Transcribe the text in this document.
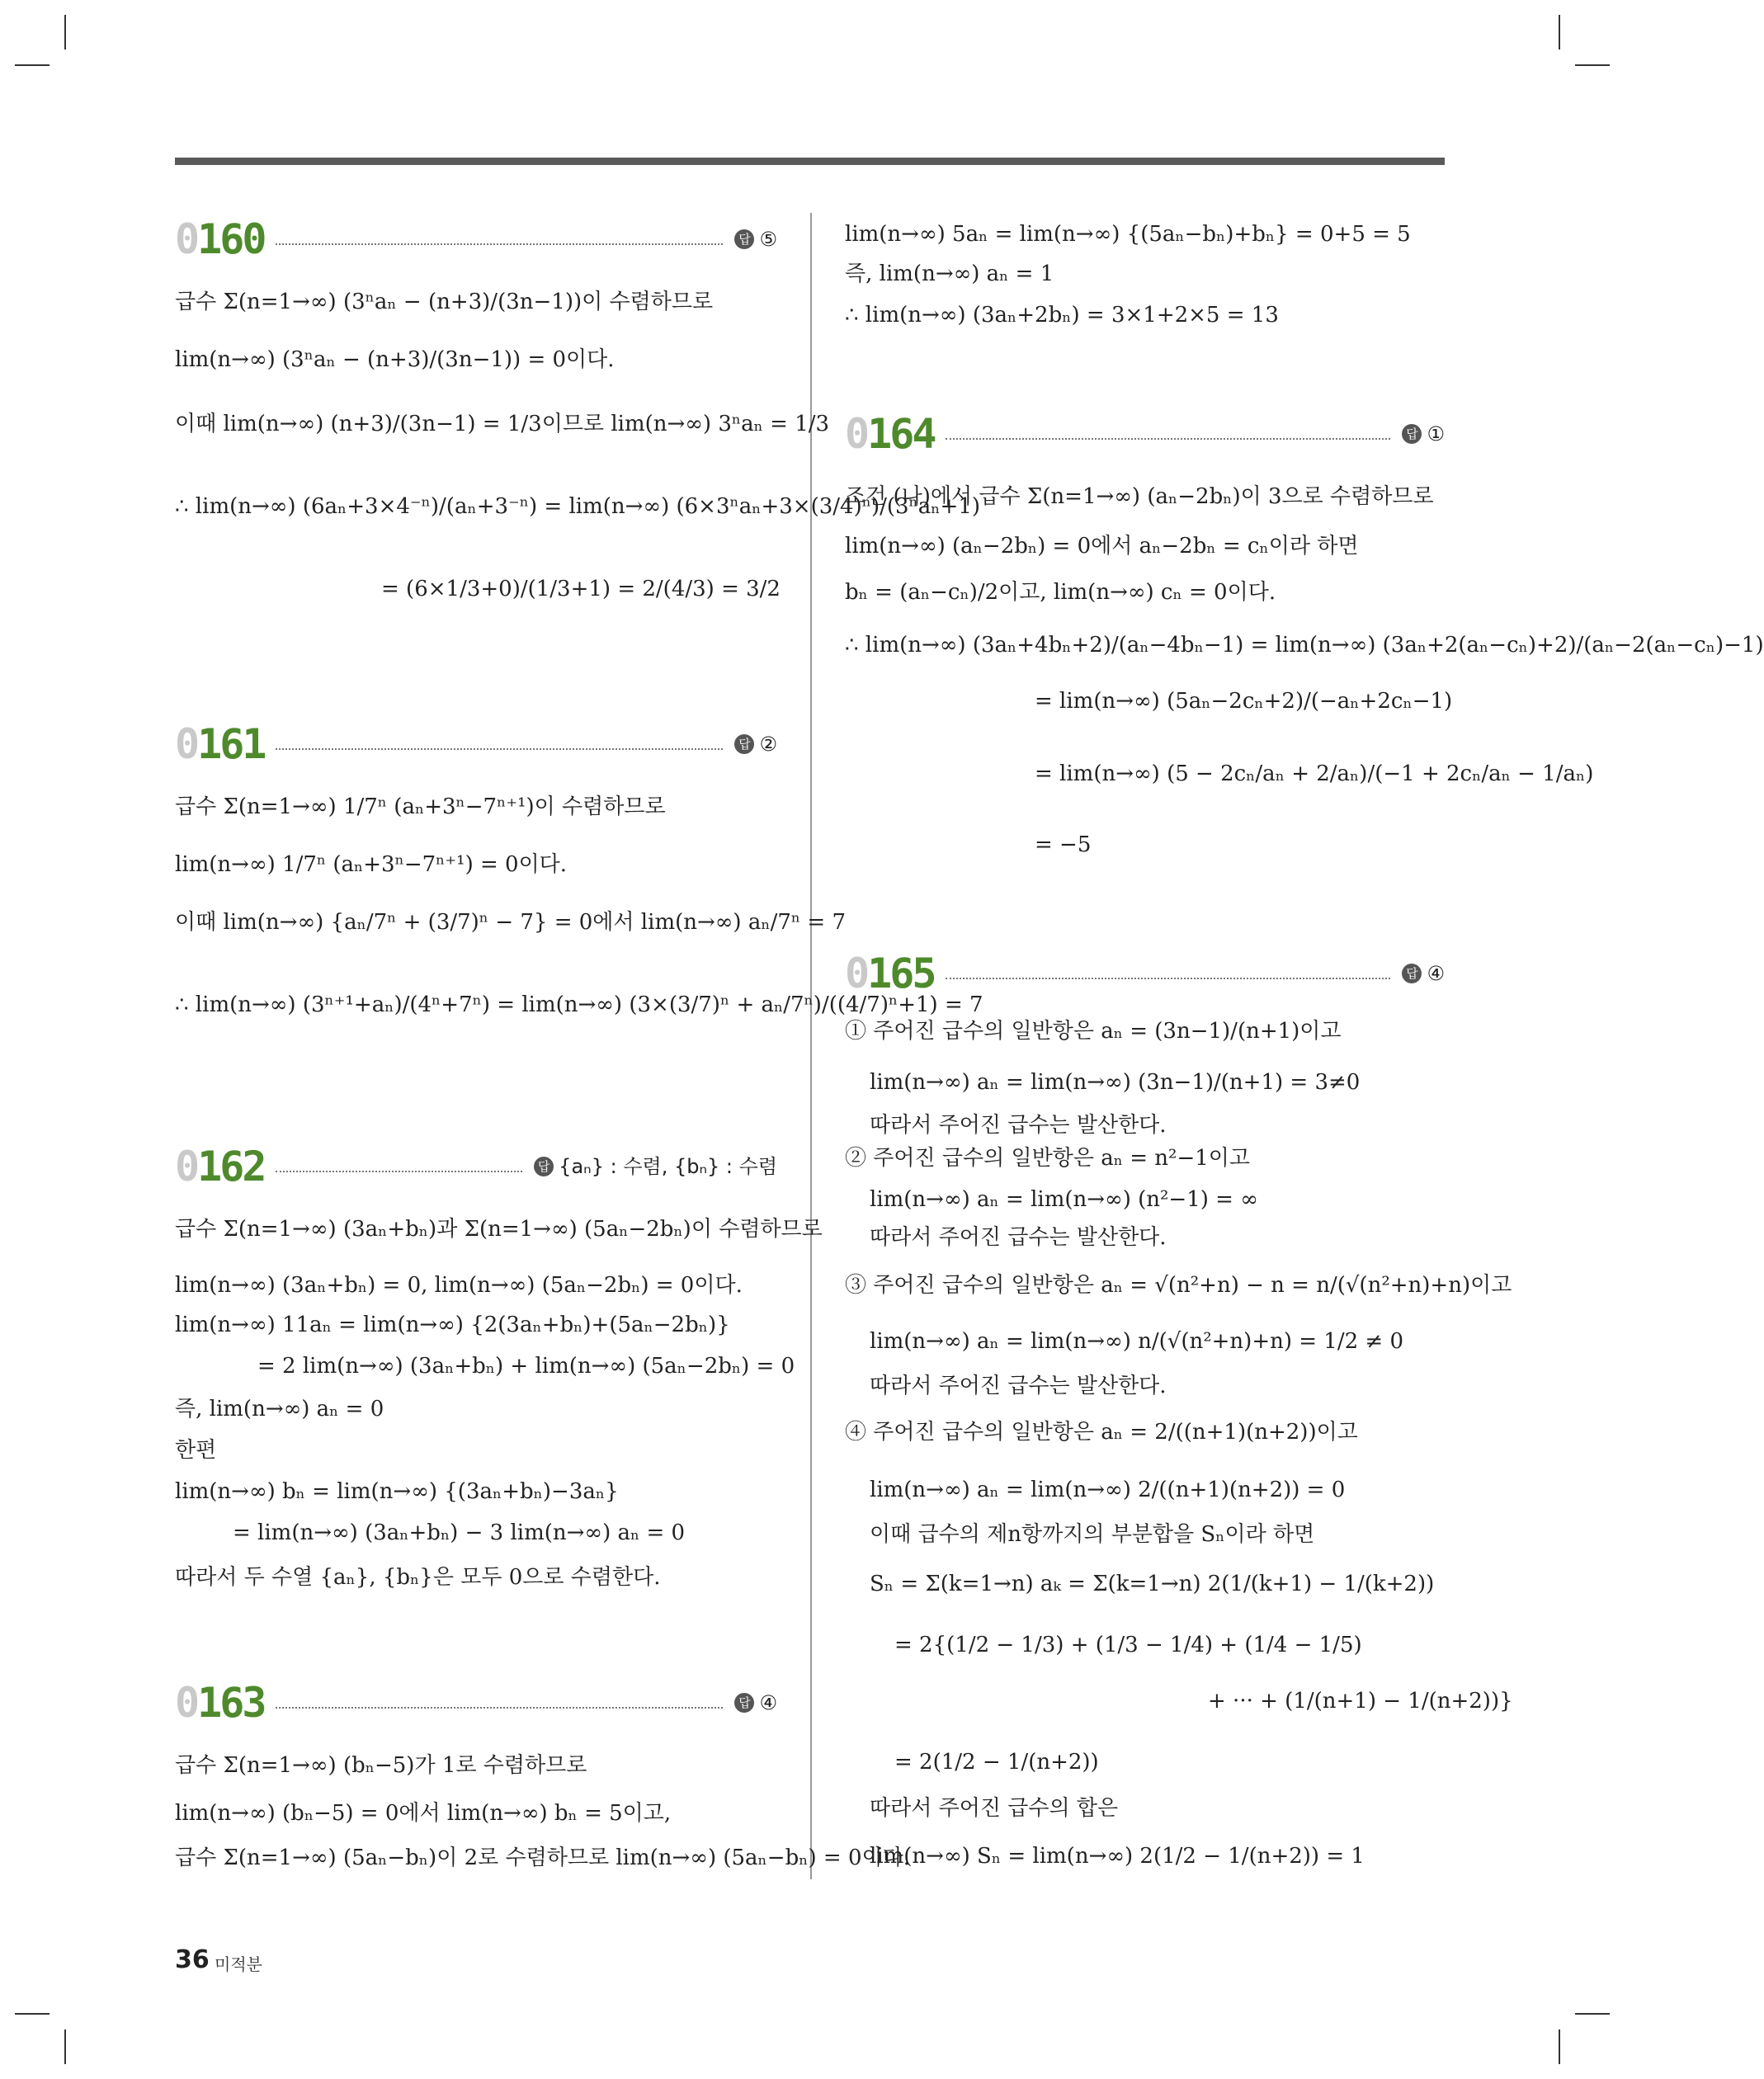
0160	답 ⑤
급수 Σ(n=1→∞) (3ⁿaₙ − (n+3)/(3n−1))이 수렴하므로
lim(n→∞) (3ⁿaₙ − (n+3)/(3n−1)) = 0이다.
이때 lim(n→∞) (n+3)/(3n−1) = 1/3이므로 lim(n→∞) 3ⁿaₙ = 1/3
∴ lim(n→∞) (6aₙ+3×4⁻ⁿ)/(aₙ+3⁻ⁿ) = lim(n→∞) (6×3ⁿaₙ+3×(3/4)ⁿ)/(3ⁿaₙ+1)
= (6×1/3+0)/(1/3+1) = 2/(4/3) = 3/2
0161	답 ②
급수 Σ(n=1→∞) 1/7ⁿ (aₙ+3ⁿ−7ⁿ⁺¹)이 수렴하므로
lim(n→∞) 1/7ⁿ (aₙ+3ⁿ−7ⁿ⁺¹) = 0이다.
이때 lim(n→∞) {aₙ/7ⁿ + (3/7)ⁿ − 7} = 0에서 lim(n→∞) aₙ/7ⁿ = 7
∴ lim(n→∞) (3ⁿ⁺¹+aₙ)/(4ⁿ+7ⁿ) = lim(n→∞) (3×(3/7)ⁿ + aₙ/7ⁿ)/((4/7)ⁿ+1) = 7
0162	답 {aₙ} : 수렴, {bₙ} : 수렴
급수 Σ(n=1→∞) (3aₙ+bₙ)과 Σ(n=1→∞) (5aₙ−2bₙ)이 수렴하므로
lim(n→∞) (3aₙ+bₙ) = 0, lim(n→∞) (5aₙ−2bₙ) = 0이다.
lim(n→∞) 11aₙ = lim(n→∞) {2(3aₙ+bₙ)+(5aₙ−2bₙ)}
= 2 lim(n→∞) (3aₙ+bₙ) + lim(n→∞) (5aₙ−2bₙ) = 0
즉, lim(n→∞) aₙ = 0
한편
lim(n→∞) bₙ = lim(n→∞) {(3aₙ+bₙ)−3aₙ}
= lim(n→∞) (3aₙ+bₙ) − 3 lim(n→∞) aₙ = 0
따라서 두 수열 {aₙ}, {bₙ}은 모두 0으로 수렴한다.
0163	답 ④
급수 Σ(n=1→∞) (bₙ−5)가 1로 수렴하므로
lim(n→∞) (bₙ−5) = 0에서 lim(n→∞) bₙ = 5이고,
급수 Σ(n=1→∞) (5aₙ−bₙ)이 2로 수렴하므로 lim(n→∞) (5aₙ−bₙ) = 0이다.
lim(n→∞) 5aₙ = lim(n→∞) {(5aₙ−bₙ)+bₙ} = 0+5 = 5
즉, lim(n→∞) aₙ = 1
∴ lim(n→∞) (3aₙ+2bₙ) = 3×1+2×5 = 13
0164	답 ①
조건 (나)에서 급수 Σ(n=1→∞) (aₙ−2bₙ)이 3으로 수렴하므로
lim(n→∞) (aₙ−2bₙ) = 0에서 aₙ−2bₙ = cₙ이라 하면
bₙ = (aₙ−cₙ)/2이고, lim(n→∞) cₙ = 0이다.
∴ lim(n→∞) (3aₙ+4bₙ+2)/(aₙ−4bₙ−1) = lim(n→∞) (3aₙ+2(aₙ−cₙ)+2)/(aₙ−2(aₙ−cₙ)−1)
= lim(n→∞) (5aₙ−2cₙ+2)/(−aₙ+2cₙ−1)
= lim(n→∞) (5 − 2cₙ/aₙ + 2/aₙ)/(−1 + 2cₙ/aₙ − 1/aₙ)
= −5
0165	답 ④
① 주어진 급수의 일반항은 aₙ = (3n−1)/(n+1)이고
lim(n→∞) aₙ = lim(n→∞) (3n−1)/(n+1) = 3≠0
따라서 주어진 급수는 발산한다.
② 주어진 급수의 일반항은 aₙ = n²−1이고
lim(n→∞) aₙ = lim(n→∞) (n²−1) = ∞
따라서 주어진 급수는 발산한다.
③ 주어진 급수의 일반항은 aₙ = √(n²+n) − n = n/(√(n²+n)+n)이고
lim(n→∞) aₙ = lim(n→∞) n/(√(n²+n)+n) = 1/2 ≠ 0
따라서 주어진 급수는 발산한다.
④ 주어진 급수의 일반항은 aₙ = 2/((n+1)(n+2))이고
lim(n→∞) aₙ = lim(n→∞) 2/((n+1)(n+2)) = 0
이때 급수의 제n항까지의 부분합을 Sₙ이라 하면
Sₙ = Σ(k=1→n) aₖ = Σ(k=1→n) 2(1/(k+1) − 1/(k+2))
= 2{(1/2 − 1/3) + (1/3 − 1/4) + (1/4 − 1/5)
+ ··· + (1/(n+1) − 1/(n+2))}
= 2(1/2 − 1/(n+2))
따라서 주어진 급수의 합은
lim(n→∞) Sₙ = lim(n→∞) 2(1/2 − 1/(n+2)) = 1
36 미적분
